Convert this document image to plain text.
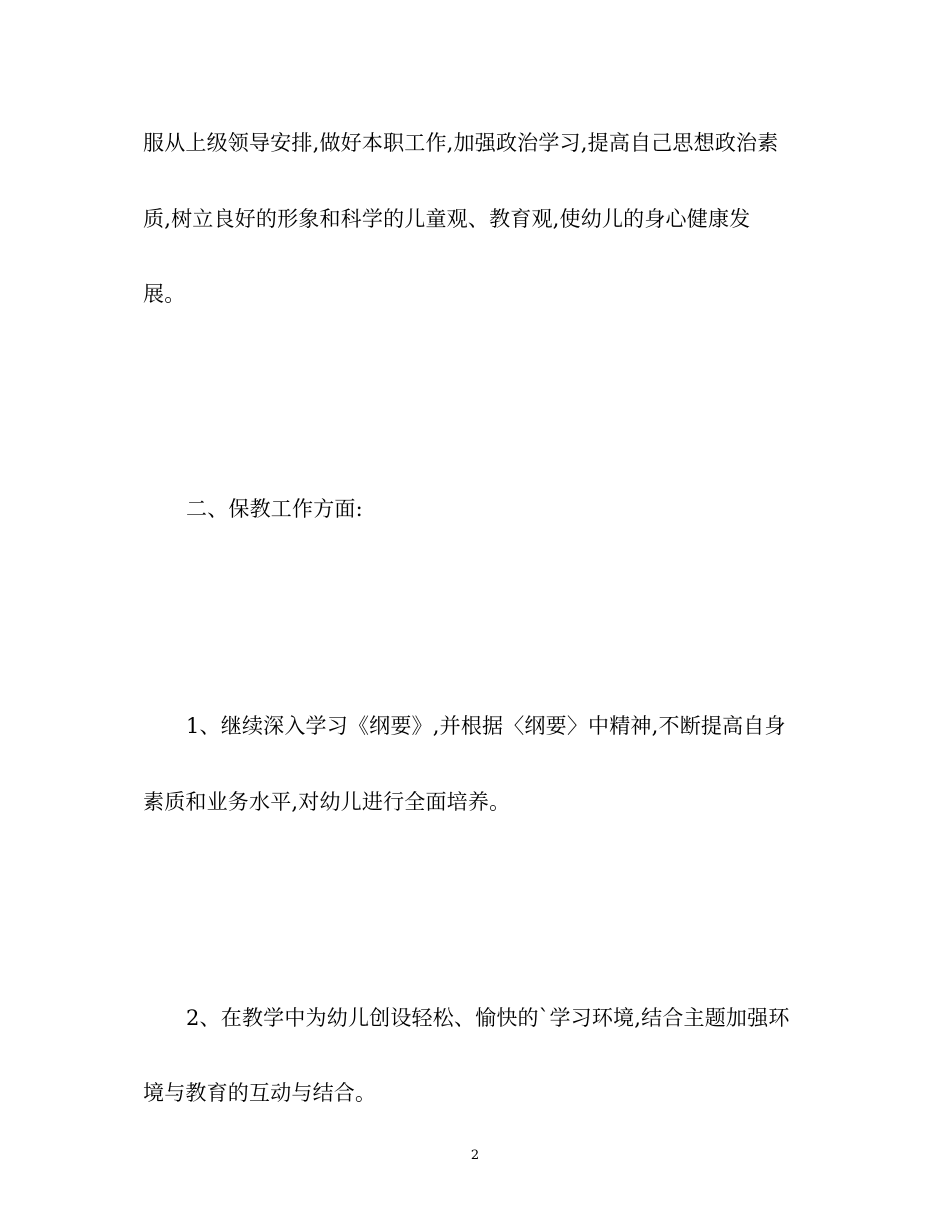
服从上级领导安排,做好本职工作,加强政治学习,提高自己思想政治素
质,树立良好的形象和科学的儿童观、教育观,使幼儿的身心健康发
展。
二、保教工作方面:
1、继续深入学习《纲要》,并根据〈纲要〉中精神,不断提高自身
素质和业务水平,对幼儿进行全面培养。
2、在教学中为幼儿创设轻松、愉快的`学习环境,结合主题加强环
境与教育的互动与结合。
2
